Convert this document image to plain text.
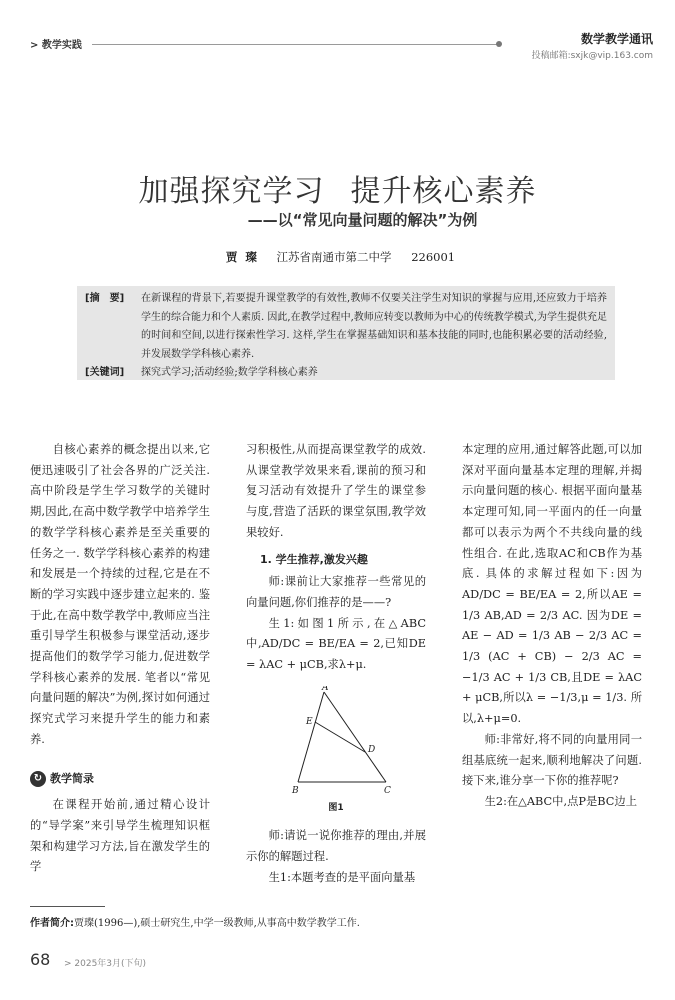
> 教学实践	数学教学通讯
投稿邮箱:sxjk@vip.163.com
加强探究学习 提升核心素养
——以“常见向量问题的解决”为例
贾璨 江苏省南通市第二中学 226001
[摘　要]	在新课程的背景下,若要提升课堂教学的有效性,教师不仅要关注学生对知识的掌握与应用,还应致力于培养学生的综合能力和个人素质. 因此,在教学过程中,教师应转变以教师为中心的传统教学模式,为学生提供充足的时间和空间,以进行探索性学习. 这样,学生在掌握基础知识和基本技能的同时,也能积累必要的活动经验,并发展数学学科核心素养.
[关键词]	探究式学习;活动经验;数学学科核心素养

自核心素养的概念提出以来,它便迅速吸引了社会各界的广泛关注. 高中阶段是学生学习数学的关键时期,因此,在高中数学教学中培养学生的数学学科核心素养是至关重要的任务之一. 数学学科核心素养的构建和发展是一个持续的过程,它是在不断的学习实践中逐步建立起来的. 鉴于此,在高中数学教学中,教师应当注重引导学生积极参与课堂活动,逐步提高他们的数学学习能力,促进数学学科核心素养的发展. 笔者以“常见向量问题的解决”为例,探讨如何通过探究式学习来提升学生的能力和素养.

↻ 教学简录

在课程开始前,通过精心设计的“导学案”来引导学生梳理知识框架和构建学习方法,旨在激发学生的学

习积极性,从而提高课堂教学的成效. 从课堂教学效果来看,课前的预习和复习活动有效提升了学生的课堂参与度,营造了活跃的课堂氛围,教学效果较好.

1. 学生推荐,激发兴趣

师:课前让大家推荐一些常见的向量问题,你们推荐的是——?

生1:如图1所示,在△ABC中,AD/DC = BE/EA = 2,已知DE = λAC + μCB,求λ+μ.

A
E
D
B	C
图1

师:请说一说你推荐的理由,并展示你的解题过程.

生1:本题考查的是平面向量基

本定理的应用,通过解答此题,可以加深对平面向量基本定理的理解,并揭示向量问题的核心. 根据平面向量基本定理可知,同一平面内的任一向量都可以表示为两个不共线向量的线性组合. 在此,选取AC和CB作为基底. 具体的求解过程如下:因为AD/DC = BE/EA = 2,所以AE = 1/3 AB,AD = 2/3 AC. 因为DE = AE − AD = 1/3 AB − 2/3 AC = 1/3 (AC + CB) − 2/3 AC = −1/3 AC + 1/3 CB,且DE = λAC + μCB,所以λ = −1/3,μ = 1/3. 所以,λ+μ=0.

师:非常好,将不同的向量用同一组基底统一起来,顺利地解决了问题. 接下来,谁分享一下你的推荐呢?

生2:在△ABC中,点P是BC边上

作者简介:贾璨(1996—),硕士研究生,中学一级教师,从事高中数学教学工作.
68 > 2025年3月(下旬)
